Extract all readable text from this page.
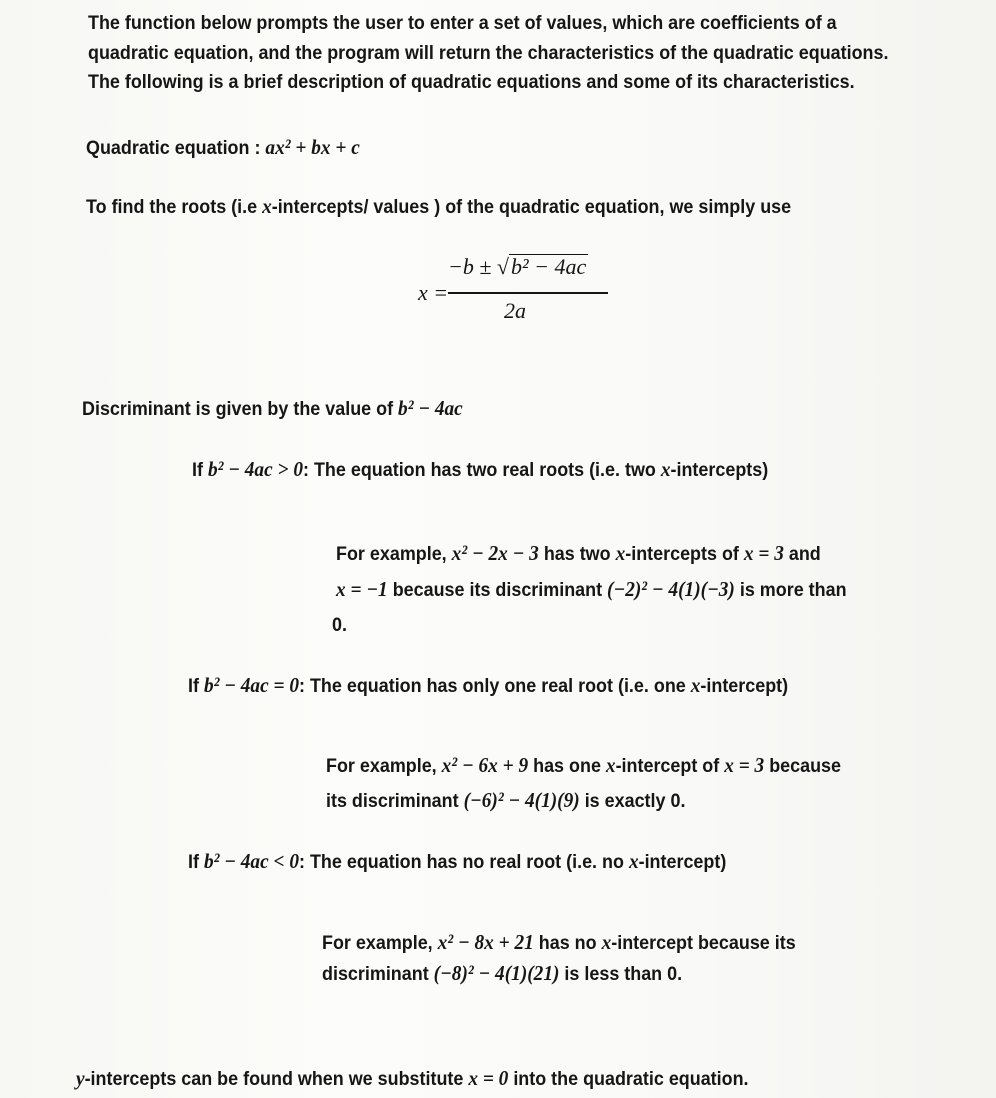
The function below prompts the user to enter a set of values, which are coefficients of a

quadratic equation, and the program will return the characteristics of the quadratic equations.

The following is a brief description of quadratic equations and some of its characteristics.

Quadratic equation : ax² + bx + c

To find the roots (i.e x-intercepts/ values ) of the quadratic equation, we simply use

x =
−b ± √b² − 4ac
2a

Discriminant is given by the value of b² − 4ac

If b² − 4ac > 0: The equation has two real roots (i.e. two x-intercepts)

For example, x² − 2x − 3 has two x-intercepts of x = 3 and

x = −1 because its discriminant (−2)² − 4(1)(−3) is more than

0.

If b² − 4ac = 0: The equation has only one real root (i.e. one x-intercept)

For example, x² − 6x + 9 has one x-intercept of x = 3 because

its discriminant (−6)² − 4(1)(9) is exactly 0.

If b² − 4ac < 0: The equation has no real root (i.e. no x-intercept)

For example, x² − 8x + 21 has no x-intercept because its

discriminant (−8)² − 4(1)(21) is less than 0.

y-intercepts can be found when we substitute x = 0 into the quadratic equation.
